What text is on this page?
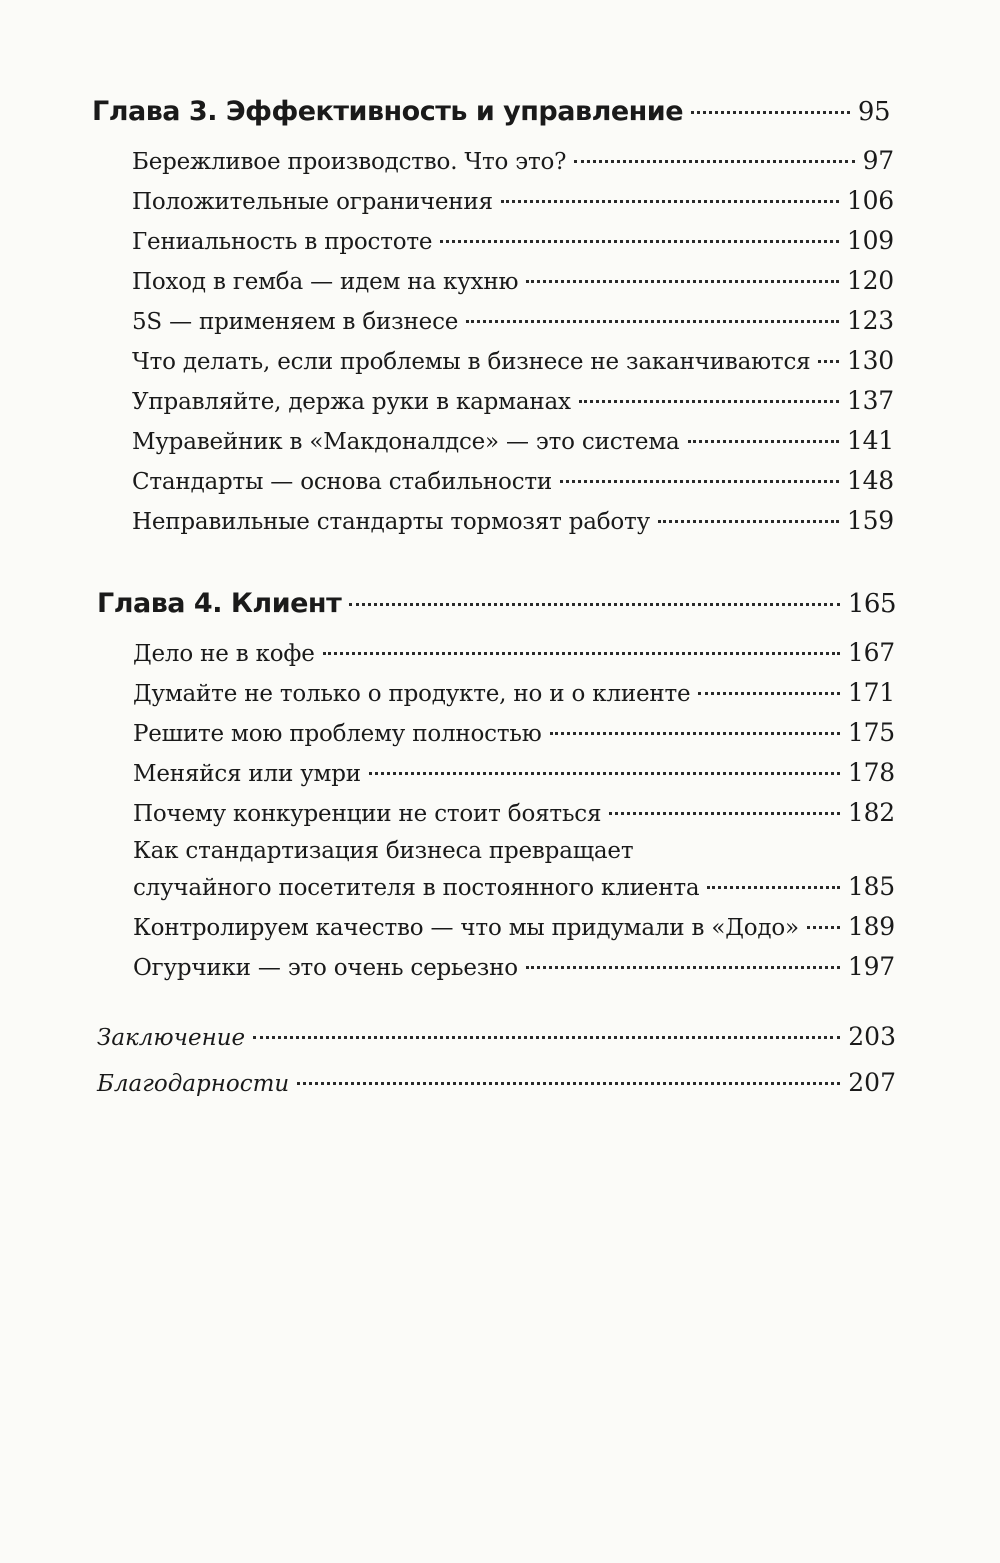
Глава 3. Эффективность и управление	95
Бережливое производство. Что это?	97
Положительные ограничения	106
Гениальность в простоте	109
Поход в гемба — идем на кухню	120
5S — применяем в бизнесе	123
Что делать, если проблемы в бизнесе не заканчиваются 130
Управляйте, держа руки в карманах	137
Муравейник в «Макдоналдсе» — это система	141
Стандарты — основа стабильности	148
Неправильные стандарты тормозят работу	159
Глава 4. Клиент	165
Дело не в кофе	167
Думайте не только о продукте, но и о клиенте	171
Решите мою проблему полностью	175
Меняйся или умри	178
Почему конкуренции не стоит бояться	182
Как стандартизация бизнеса превращает
случайного посетителя в постоянного клиента	185
Контролируем качество — что мы придумали в «Додо» 189
Огурчики — это очень серьезно	197
Заключение	203
Благодарности	207
